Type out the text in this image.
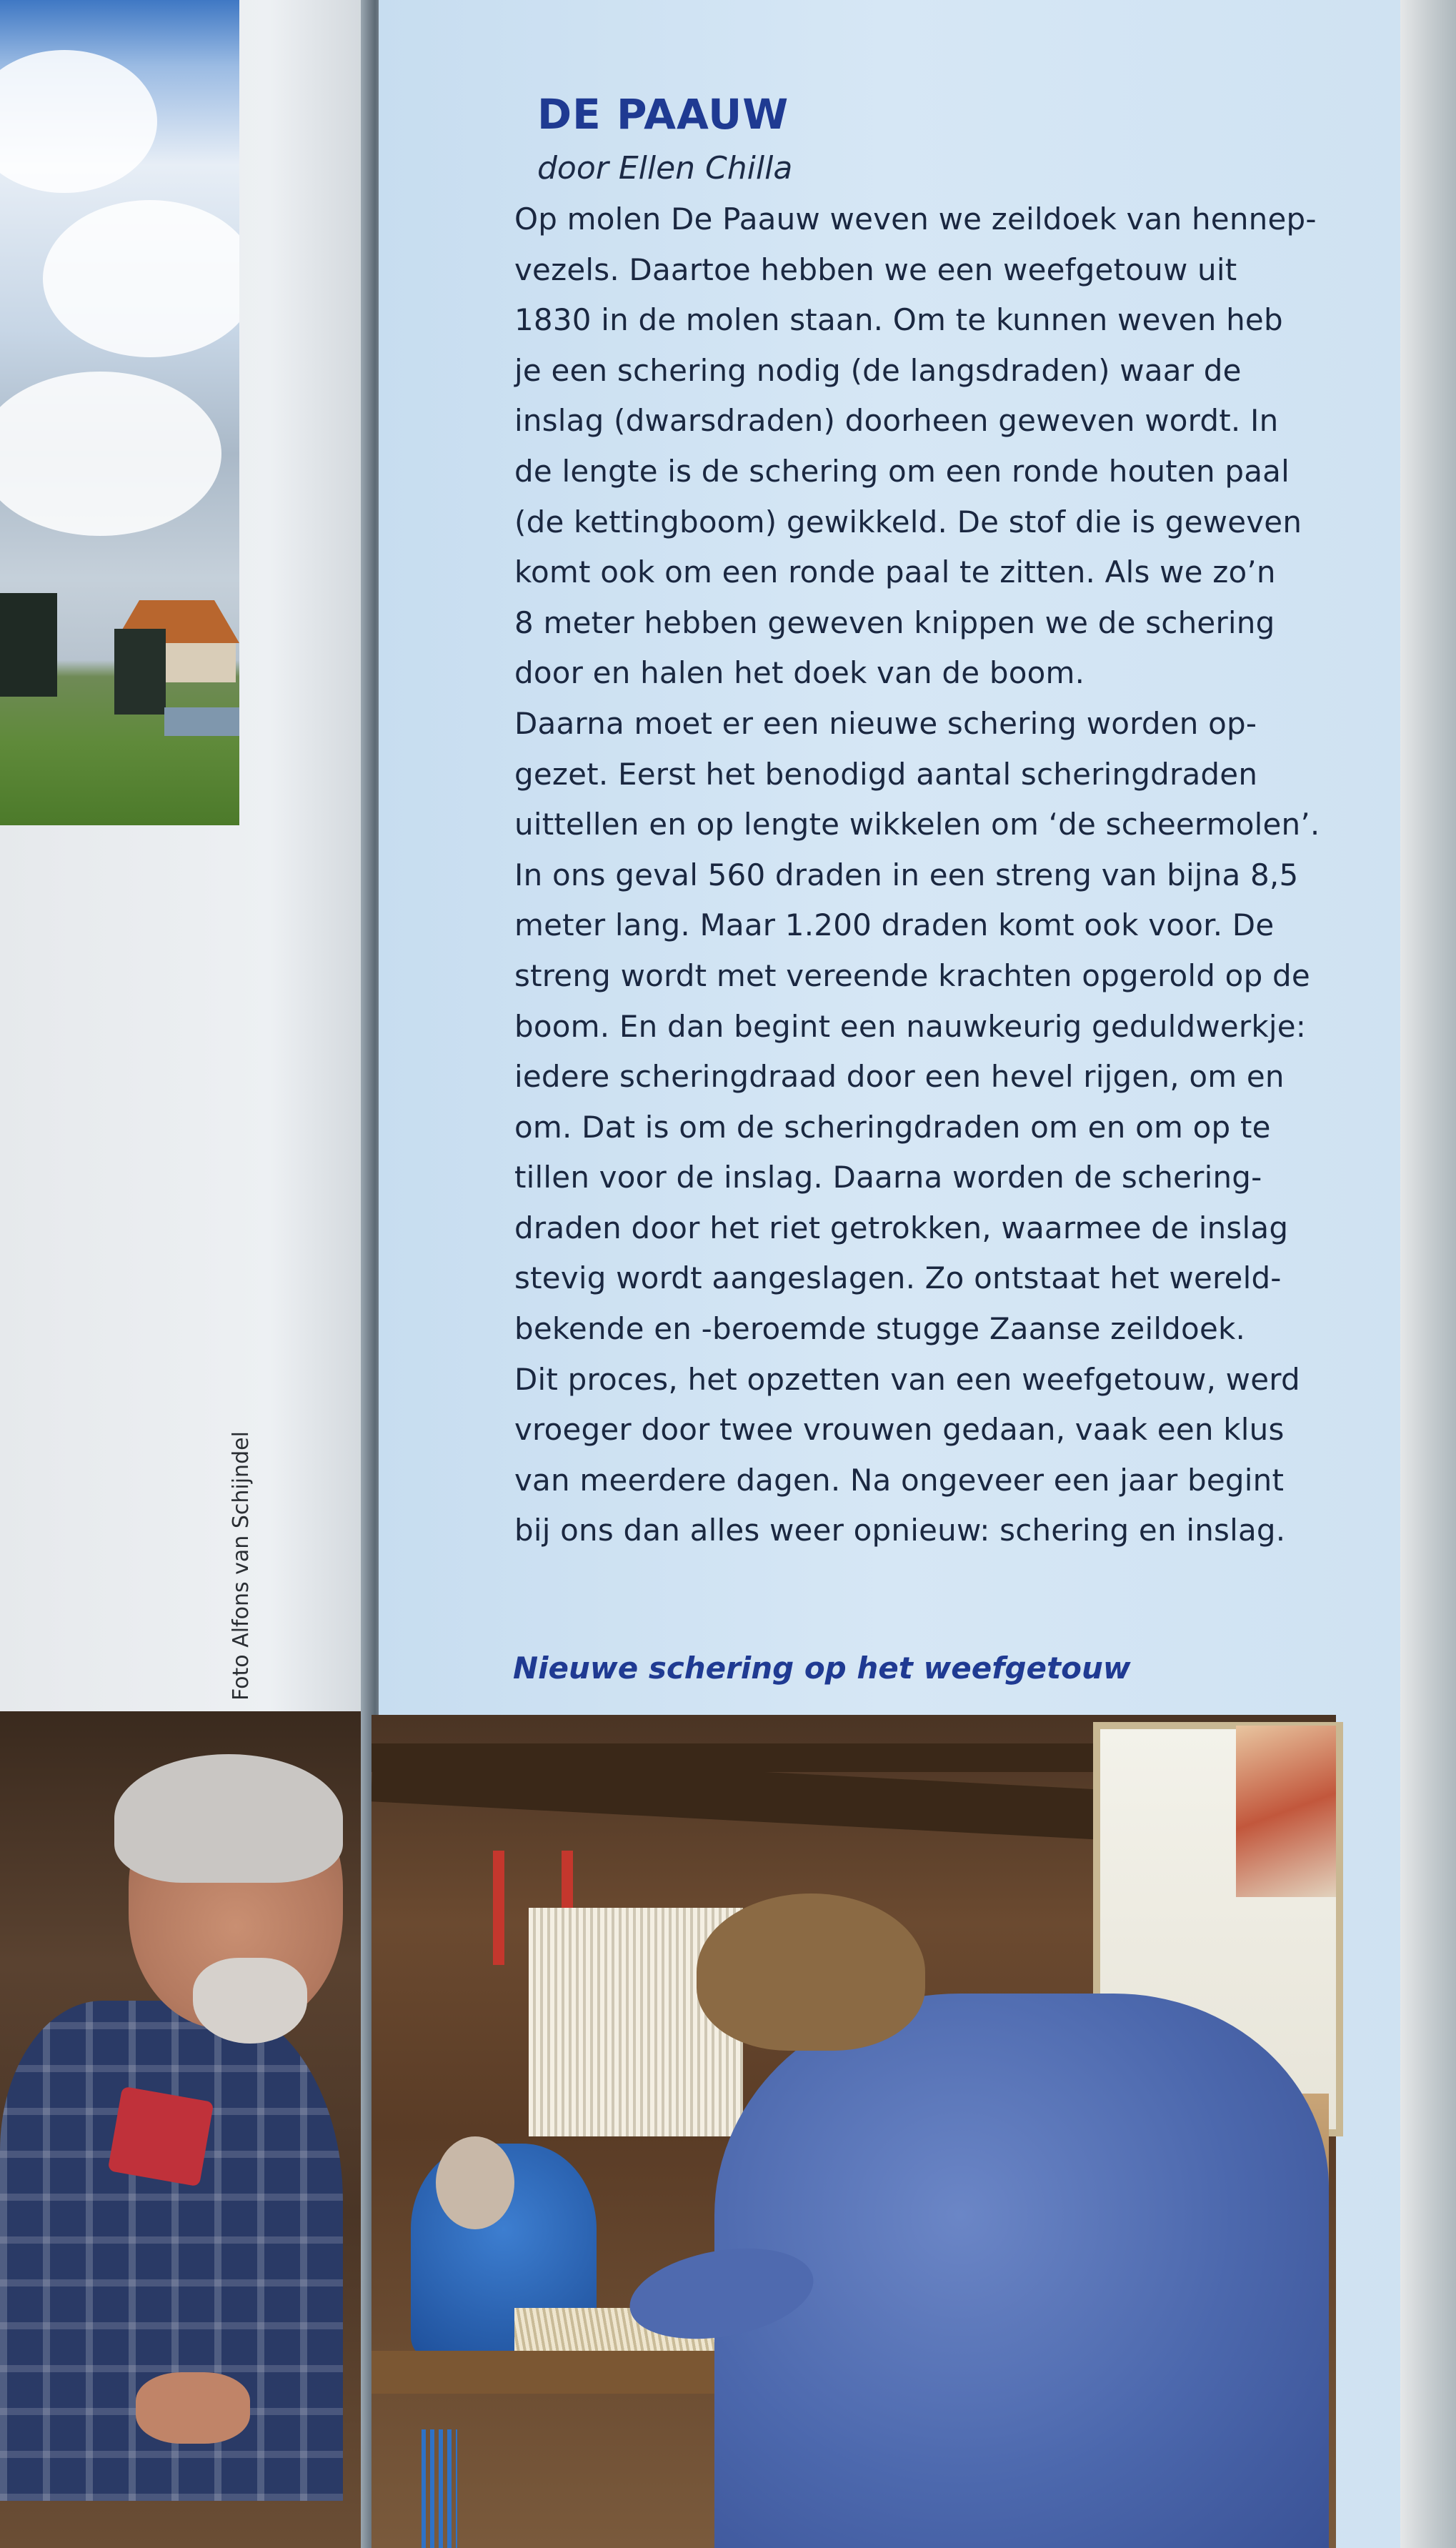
Foto Alfons van Schijndel
DE PAAUW

door Ellen Chilla

Op molen De Paauw weven we zeildoek van hennep-
vezels. Daartoe hebben we een weefgetouw uit
1830 in de molen staan. Om te kunnen weven heb
je een schering nodig (de langsdraden) waar de
inslag (dwarsdraden) doorheen geweven wordt. In
de lengte is de schering om een ronde houten paal
(de kettingboom) gewikkeld. De stof die is geweven
komt ook om een ronde paal te zitten. Als we zo’n
8 meter hebben geweven knippen we de schering
door en halen het doek van de boom.
Daarna moet er een nieuwe schering worden op-
gezet. Eerst het benodigd aantal scheringdraden
uittellen en op lengte wikkelen om ‘de scheermolen’.
In ons geval 560 draden in een streng van bijna 8,5
meter lang. Maar 1.200 draden komt ook voor. De
streng wordt met vereende krachten opgerold op de
boom. En dan begint een nauwkeurig geduldwerkje:
iedere scheringdraad door een hevel rijgen, om en
om. Dat is om de scheringdraden om en om op te
tillen voor de inslag. Daarna worden de schering-
draden door het riet getrokken, waarmee de inslag
stevig wordt aangeslagen. Zo ontstaat het wereld-
bekende en -beroemde stugge Zaanse zeildoek.
Dit proces, het opzetten van een weefgetouw, werd
vroeger door twee vrouwen gedaan, vaak een klus
van meerdere dagen. Na ongeveer een jaar begint
bij ons dan alles weer opnieuw: schering en inslag.

Nieuwe schering op het weefgetouw
